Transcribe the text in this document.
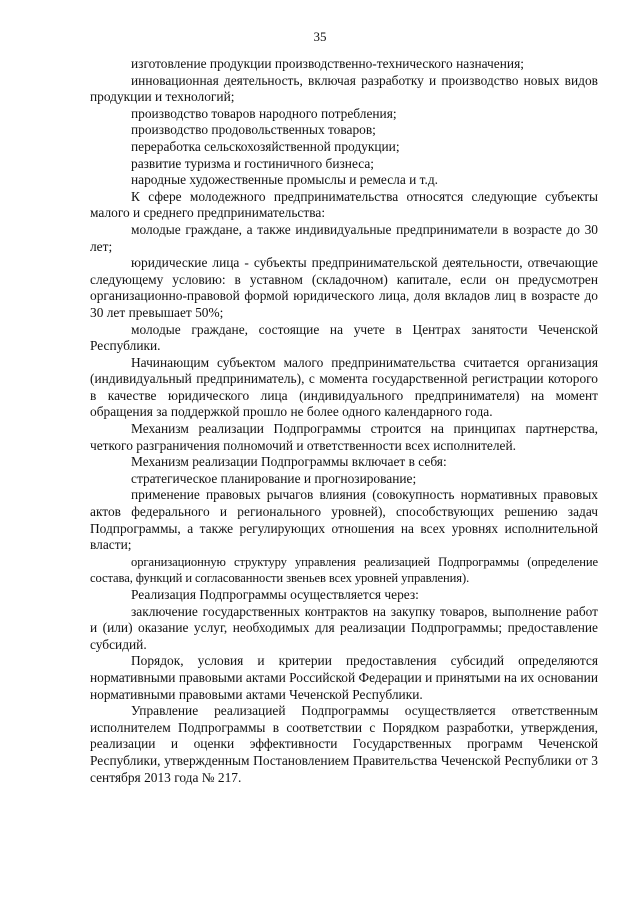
35

изготовление продукции производственно-технического назначения;

инновационная деятельность, включая разработку и производство новых видов продукции и технологий;

производство товаров народного потребления;

производство продовольственных товаров;

переработка сельскохозяйственной продукции;

развитие туризма и гостиничного бизнеса;

народные художественные промыслы и ремесла и т.д.

К сфере молодежного предпринимательства относятся следующие субъекты малого и среднего предпринимательства:

молодые граждане, а также индивидуальные предприниматели в возрасте до 30 лет;

юридические лица - субъекты предпринимательской деятельности, отвечающие следующему условию: в уставном (складочном) капитале, если он предусмотрен организационно-правовой формой юридического лица, доля вкладов лиц в возрасте до 30 лет превышает 50%;

молодые граждане, состоящие на учете в Центрах занятости Чеченской Республики.

Начинающим субъектом малого предпринимательства считается организация (индивидуальный предприниматель), с момента государственной регистрации которого в качестве юридического лица (индивидуального предпринимателя) на момент обращения за поддержкой прошло не более одного календарного года.

Механизм реализации Подпрограммы строится на принципах партнерства, четкого разграничения полномочий и ответственности всех исполнителей.

Механизм реализации Подпрограммы включает в себя:

стратегическое планирование и прогнозирование;

применение правовых рычагов влияния (совокупность нормативных правовых актов федерального и регионального уровней), способствующих решению задач Подпрограммы, а также регулирующих отношения на всех уровнях исполнительной власти;

организационную структуру управления реализацией Подпрограммы (определение состава, функций и согласованности звеньев всех уровней управления).

Реализация Подпрограммы осуществляется через:

заключение государственных контрактов на закупку товаров, выполнение работ и (или) оказание услуг, необходимых для реализации Подпрограммы; предоставление субсидий.

Порядок, условия и критерии предоставления субсидий определяются нормативными правовыми актами Российской Федерации и принятыми на их основании нормативными правовыми актами Чеченской Республики.

Управление реализацией Подпрограммы осуществляется ответственным исполнителем Подпрограммы в соответствии с Порядком разработки, утверждения, реализации и оценки эффективности Государственных программ Чеченской Республики, утвержденным Постановлением Правительства Чеченской Республики от 3 сентября 2013 года № 217.
